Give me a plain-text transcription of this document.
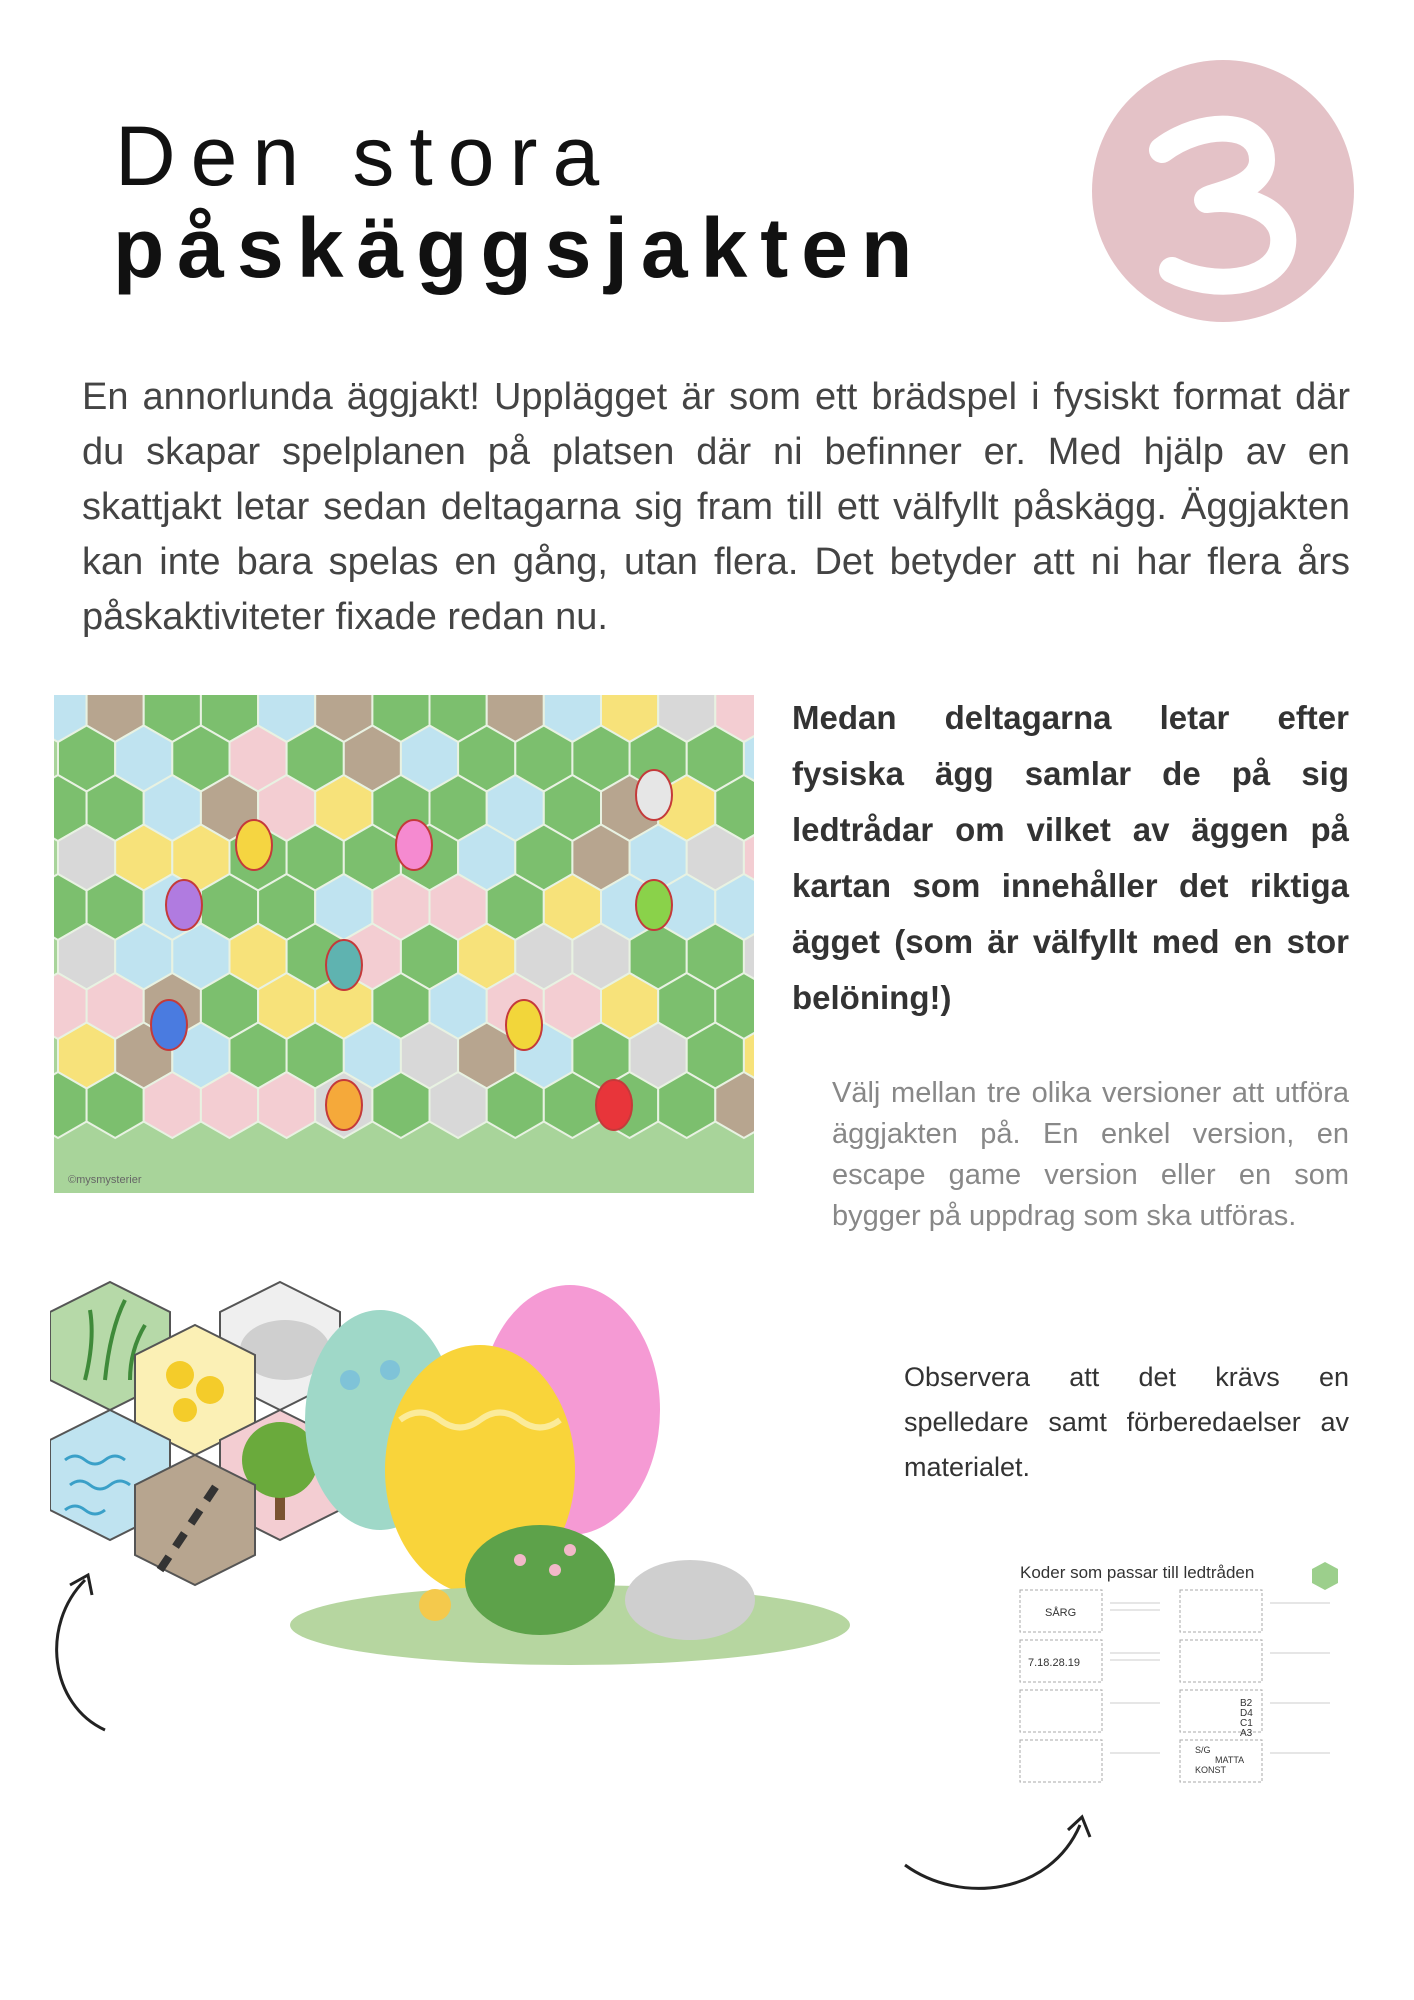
Den stora
påskäggsjakten
En annorlunda äggjakt! Upplägget är som ett brädspel i fysiskt format där du skapar spelplanen på platsen där ni befinner er. Med hjälp av en skattjakt letar sedan deltagarna sig fram till ett välfyllt påskägg. Äggjakten kan inte bara spelas en gång, utan flera. Det betyder att ni har flera års påskaktiviteter fixade redan nu.
©mysmysterier
Medan deltagarna letar efter fysiska ägg samlar de på sig ledtrådar om vilket av äggen på kartan som innehåller det riktiga ägget (som är välfyllt med en stor belöning!)
Välj mellan tre olika versioner att utföra äggjakten på. En enkel version, en escape game version eller en som bygger på uppdrag som ska utföras.
Observera att det krävs en spelledare samt förberedaelser av materialet.
Koder som passar till ledtråden
SÅRG
7.18.28.19
B2
D4
C1
A3
S/G
MATTA
KONST
